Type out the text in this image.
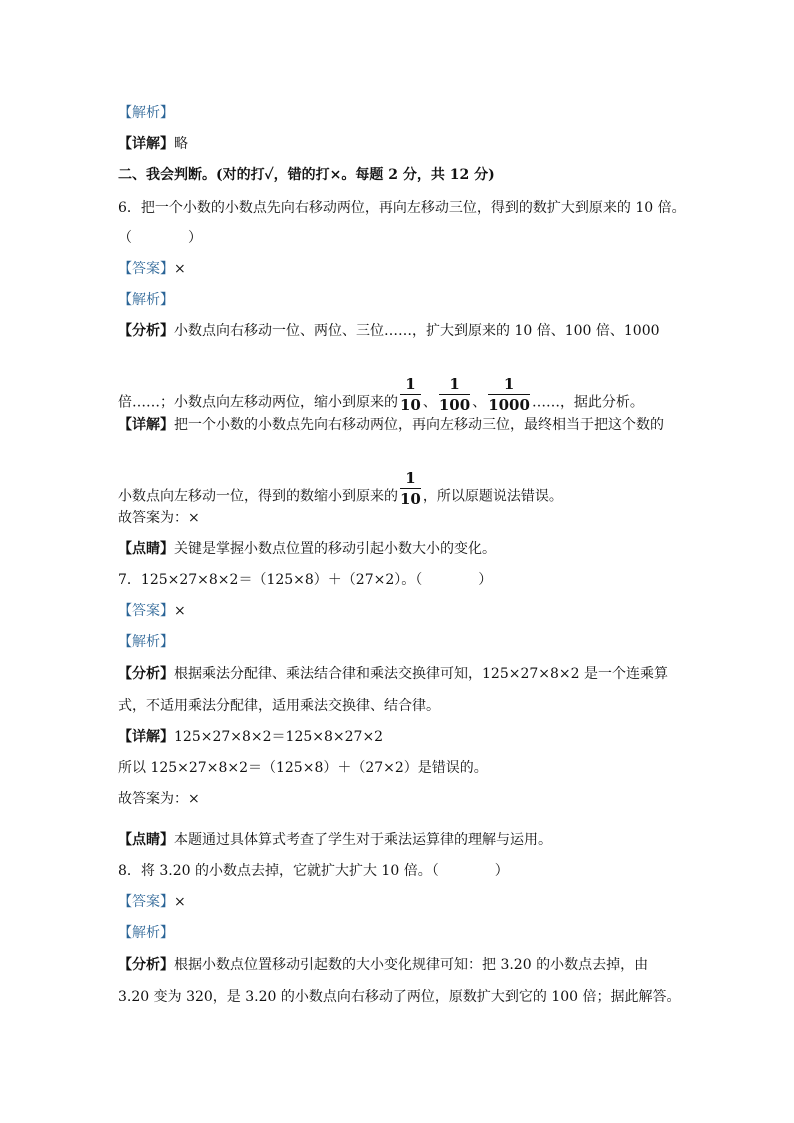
【解析】
【详解】略
二、我会判断。(对的打✓，错的打×。每题 2 分，共 12 分)
6．把一个小数的小数点先向右移动两位，再向左移动三位，得到的数扩大到原来的 10 倍。
（　　　　）
【答案】×
【解析】
【分析】小数点向右移动一位、两位、三位……，扩大到原来的 10 倍、100 倍、1000
倍……；小数点向左移动两位，缩小到原来的 $\frac{1}{10}$ 、 $\frac{1}{100}$ 、 $\frac{1}{1000}$ ……，据此分析。
【详解】把一个小数的小数点先向右移动两位，再向左移动三位，最终相当于把这个数的
小数点向左移动一位，得到的数缩小到原来的 $\frac{1}{10}$ ，所以原题说法错误。
故答案为：×
【点睛】关键是掌握小数点位置的移动引起小数大小的变化。
7．125×27×8×2＝（125×8）＋（27×2）。（　　　　）
【答案】×
【解析】
【分析】根据乘法分配律、乘法结合律和乘法交换律可知，125×27×8×2 是一个连乘算
式，不适用乘法分配律，适用乘法交换律、结合律。
【详解】125×27×8×2＝125×8×27×2
所以 125×27×8×2＝（125×8）＋（27×2）是错误的。
故答案为：×
【点睛】本题通过具体算式考查了学生对于乘法运算律的理解与运用。
8．将 3.20 的小数点去掉，它就扩大扩大 10 倍。（　　　　）
【答案】×
【解析】
【分析】根据小数点位置移动引起数的大小变化规律可知：把 3.20 的小数点去掉，由
3.20 变为 320，是 3.20 的小数点向右移动了两位，原数扩大到它的 100 倍；据此解答。
